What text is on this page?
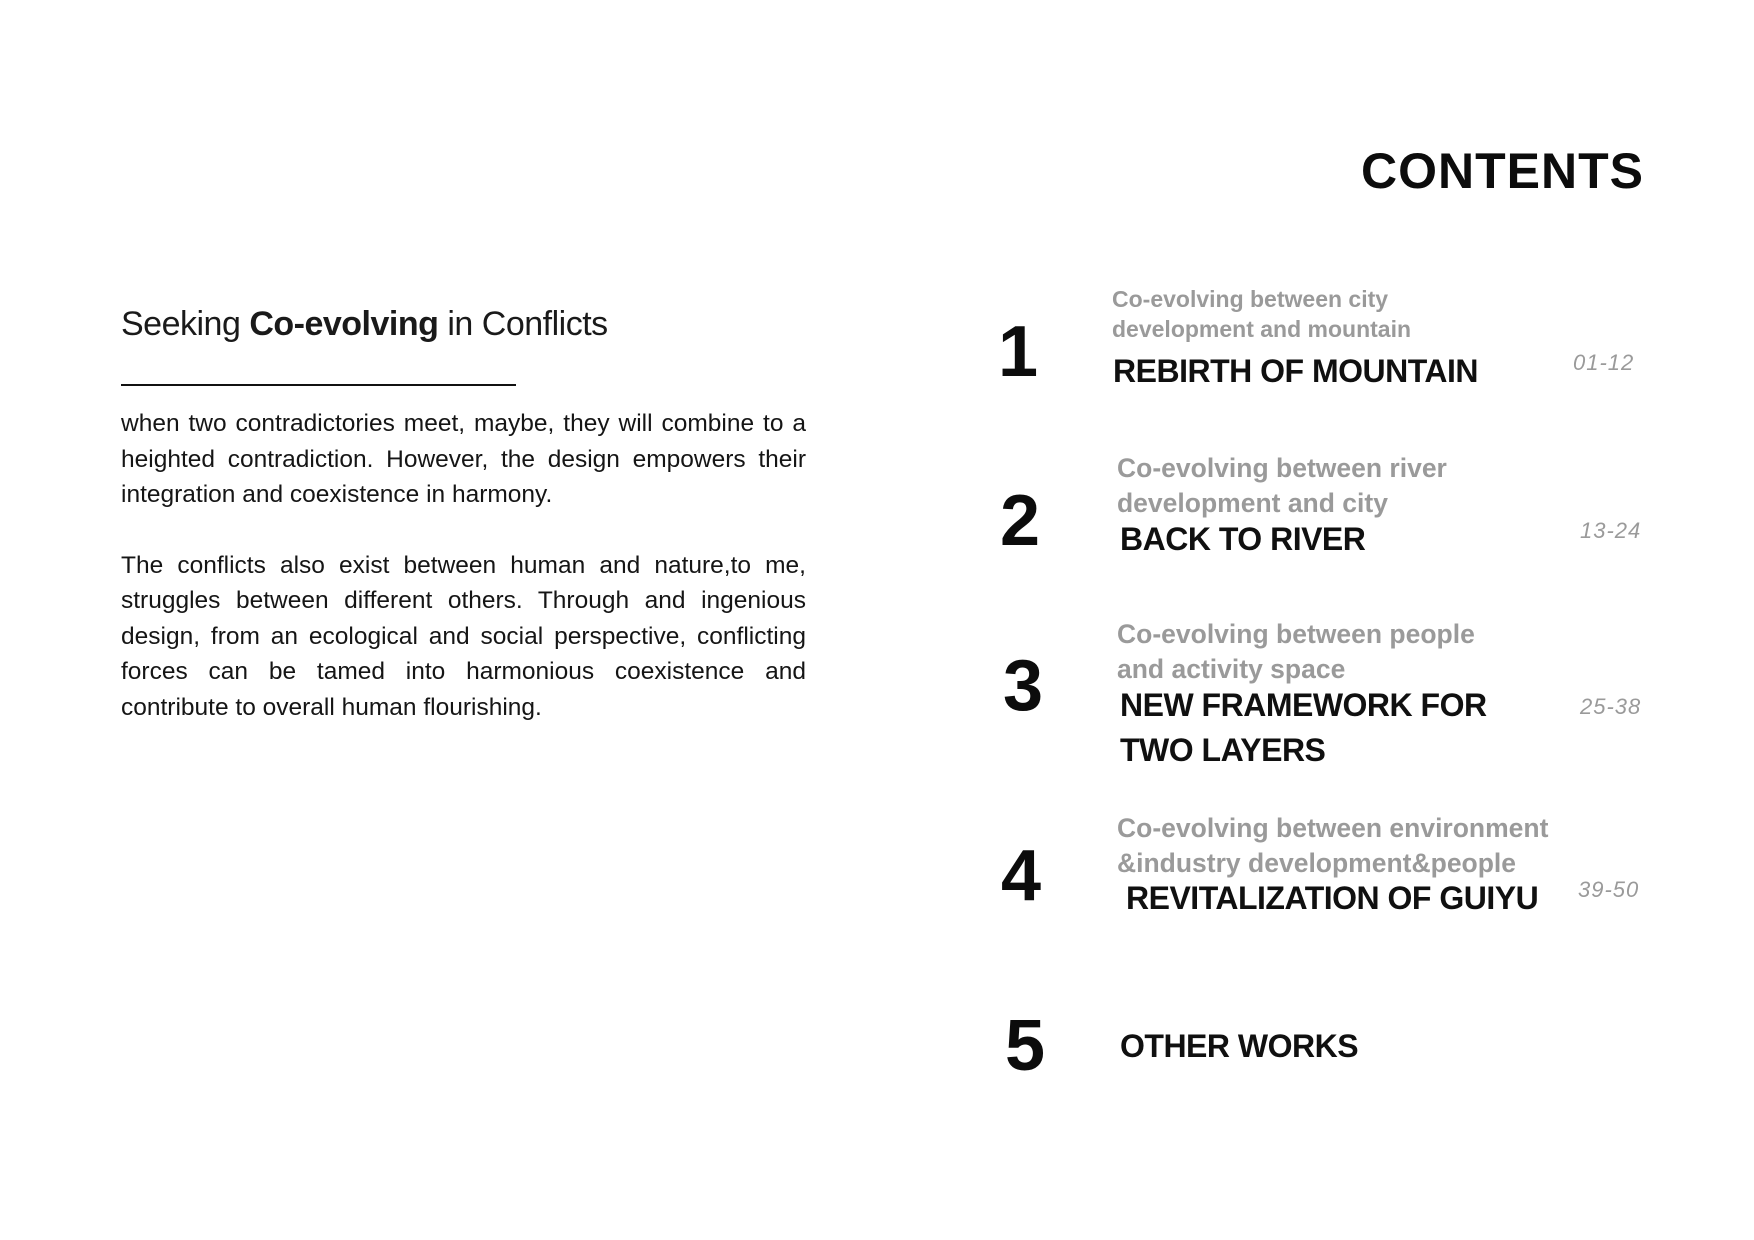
CONTENTS
Seeking Co-evolving in Conflicts

when two contradictories meet, maybe, they will combine to a heighted contradiction. However, the design empowers their integration and coexistence in harmony.

The conflicts also exist between human and nature,to me, struggles between different others. Through and ingenious design, from an ecological and social perspective, conflicting forces can be tamed into harmonious coexistence and contribute to overall human flourishing.

1
Co-evolving between city
development and mountain
REBIRTH OF MOUNTAIN	01-12
2
Co-evolving between river
development and city
BACK TO RIVER	13-24
3
Co-evolving between people
and activity space
NEW FRAMEWORK FOR
TWO LAYERS
25-38
4
Co-evolving between environment
&industry development&people
REVITALIZATION OF GUIYU 39-50
5 OTHER WORKS
